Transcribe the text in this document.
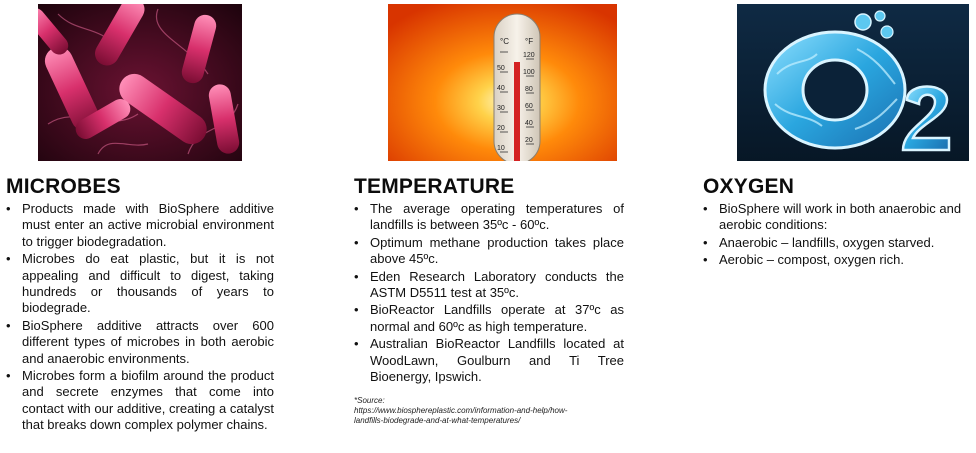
°C °F
50
40
30
20
10
120
100
80
60
40
20
MICROBES
• Products made with BioSphere additive must enter an active microbial environment to trigger biodegradation.
• Microbes do eat plastic, but it is not appealing and difficult to digest, taking hundreds or thousands of years to biodegrade.
• BioSphere additive attracts over 600 different types of microbes in both aerobic and anaerobic environments.
• Microbes form a biofilm around the product and secrete enzymes that come into contact with our additive, creating a catalyst that breaks down complex polymer chains.
TEMPERATURE
• The average operating temperatures of landfills is between 35ºc - 60ºc.
• Optimum methane production takes place above 45ºc.
• Eden Research Laboratory conducts the ASTM D5511 test at 35ºc.
• BioReactor Landfills operate at 37ºc as normal and 60ºc as high temperature.
• Australian BioReactor Landfills located at WoodLawn, Goulburn and Ti Tree Bioenergy, Ipswich.
*Source:
https://www.biosphereplastic.com/information-and-help/how-
landfills-biodegrade-and-at-what-temperatures/
OXYGEN
• BioSphere will work in both anaerobic and aerobic conditions:
• Anaerobic – landfills, oxygen starved.
• Aerobic – compost, oxygen rich.
